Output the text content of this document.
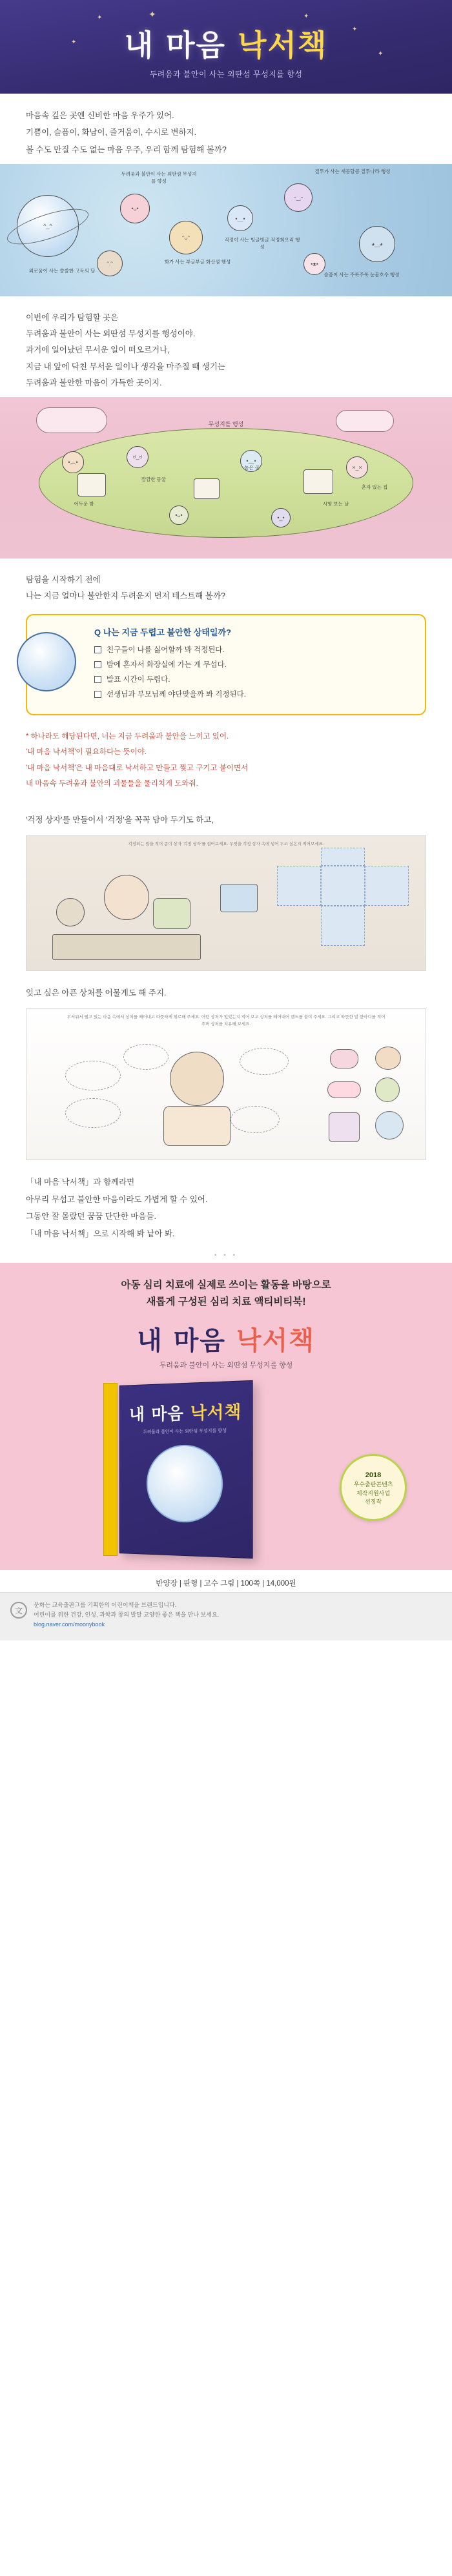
✦	✦	✦
✦
✦
✦
내 마음 낙서책
두려움과 불안이 사는 외딴섬 무성지를 향성

마음속 깊은 곳엔 신비한 마음 우주가 있어.

기쁨이, 슬픔이, 화남이, 즐거움이, 수시로 변하지.

볼 수도 만질 수도 없는 마음 우주, 우리 함께 탐험해 볼까?

^_^
•ᴗ•
ᵔᴗᵔ
•﹏•
ᵕ‿ᵕ
◕‿◕
ᵔ.ᵔ	•ᴥ•
두려움과 불안이 사는 외딴섬 무성지를 향성
질투가 사는 새콤달콤 질투나라 행성
화가 사는 부글부글 화산섬 행성
걱정이 사는 빙글빙글 걱정회오리 행성
슬픔이 사는 주룩주룩 눈물호수 행성
외로움이 사는 쓸쓸한 고독의 달

이번에 우리가 탐험할 곳은

두려움과 불안이 사는 외딴섬 무성지를 행성이야.

과거에 일어났던 무서운 일이 떠오르거나,

지금 내 앞에 닥친 무서운 일이나 생각을 마주칠 때 생기는

두려움과 불안한 마음이 가득한 곳이지.

•︵•
ಠ_ಠ
•﹏•
×_×
•ᴗ•	•_•
무성지를 행성
어두운 밤
깜깜한 동굴
높은 곳
시험 보는 날
혼자 있는 집

탐험을 시작하기 전에

나는 지금 얼마나 불안한지 두려운지 먼저 테스트해 볼까?

Q 나는 지금 두렵고 불안한 상태일까?
친구들이 나를 싫어할까 봐 걱정된다.
밤에 혼자서 화장실에 가는 게 무섭다.
발표 시간이 두렵다.
선생님과 부모님께 야단맞을까 봐 걱정된다.

* 하나라도 해당된다면, 너는 지금 두려움과 불안을 느끼고 있어.

'내 마음 낙서책'이 필요하다는 뜻이야.

'내 마음 낙서책'은 내 마음대로 낙서하고 만들고 찢고 구기고 붙이면서

내 마음속 두려움과 불안의 괴물들을 물리치게 도와줘.

'걱정 상자'를 만들어서 '걱정'을 꼭꼭 담아 두기도 하고,

걱정되는 일을 적어 종이 상자 '걱정 상자'를 접어보세요. 무엇을 걱정 상자 속에 넣어 두고 싶은지 적어보세요.

잊고 싶은 아픈 상처를 어물게도 해 주지.

무서워서 떨고 있는 마음 속에서 상처를 떼어내고 따뜻하게 위로해 주세요. 어떤 상처가 있었는지 적어 보고 상처를 떼어내어 밴드를 붙여 주세요. 그리고 따뜻한 말 한마디를 적어주며 상처를 치유해 보세요.

「내 마음 낙서책」과 함께라면

아무리 무섭고 불안한 마음이라도 가볍게 할 수 있어.

그동안 잘 몰랐던 꿈꿈 단단한 마음들.

「내 마음 낙서책」으로 시작해 봐 낱아 봐.

• • •
아동 심리 치료에 실제로 쓰이는 활동을 바탕으로
새롭게 구성된 심리 치료 액티비티북!
내 마음 낙서책
두려움과 불안이 사는 외딴섬 무성지를 향성
내 마음 낙서책
두려움과 불안이 사는 외딴섬 무성지를 향성
2018
우수출판콘텐츠
제작지원사업
선정작
반양장 | 판형 | 고수 그림 | 100쪽 | 14,000원
文
문화는 교육출판그룹 기획한의 어린이책을 브랜드입니다.
어린이를 위한 건강, 인성, 과학과 창의 발달 교양한 좋은 책을 만나 보세요.
blog.naver.com/moonybook
